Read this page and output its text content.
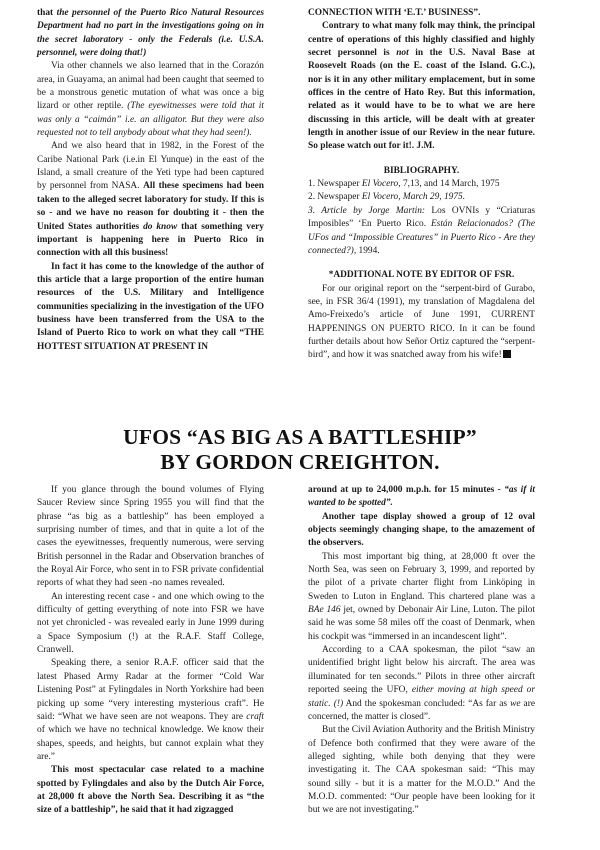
that the personnel of the Puerto Rico Natural Resources Department had no part in the investigations going on in the secret laboratory - only the Federals (i.e. U.S.A. personnel, were doing that!)

Via other channels we also learned that in the Corazón area, in Guayama, an animal had been caught that seemed to be a monstrous genetic mutation of what was once a big lizard or other reptile. (The eyewitnesses were told that it was only a “caimán” i.e. an alligator. But they were also requested not to tell anybody about what they had seen!).

And we also heard that in 1982, in the Forest of the Caribe National Park (i.e.in El Yunque) in the east of the Island, a small creature of the Yeti type had been captured by personnel from NASA. All these specimens had been taken to the alleged secret laboratory for study. If this is so - and we have no reason for doubting it - then the United States authorities do know that something very important is happening here in Puerto Rico in connection with all this business!

In fact it has come to the knowledge of the author of this article that a large proportion of the entire human resources of the U.S. Military and Intelligence communities specializing in the investigation of the UFO business have been transferred from the USA to the Island of Puerto Rico to work on what they call “THE HOTTEST SITUATION AT PRESENT IN

CONNECTION WITH ‘E.T.’ BUSINESS”.

Contrary to what many folk may think, the principal centre of operations of this highly classified and highly secret personnel is not in the U.S. Naval Base at Roosevelt Roads (on the E. coast of the Island. G.C.), nor is it in any other military emplacement, but in some offices in the centre of Hato Rey. But this information, related as it would have to be to what we are here discussing in this article, will be dealt with at greater length in another issue of our Review in the near future. So please watch out for it!. J.M.

BIBLIOGRAPHY.

1. Newspaper El Vocero, 7,13, and 14 March, 1975

2. Newspaper El Vocero, March 29, 1975.

3. Article by Jorge Martin: Los OVNIs y “Criaturas Imposibles” ‘En Puerto Rico. Están Relacionados? (The UFos and “Impossible Creatures” in Puerto Rico - Are they connected?), 1994.

*ADDITIONAL NOTE BY EDITOR OF FSR.

For our original report on the “serpent-bird of Gurabo, see, in FSR 36/4 (1991), my translation of Magdalena del Amo-Freixedo’s article of June 1991, CURRENT HAPPENINGS ON PUERTO RICO. In it can be found further details about how Señor Ortiz captured the “serpent-bird”, and how it was snatched away from his wife!

UFOS “AS BIG AS A BATTLESHIP”
BY GORDON CREIGHTON.

If you glance through the bound volumes of Flying Saucer Review since Spring 1955 you will find that the phrase “as big as a battleship” has been employed a surprising number of times, and that in quite a lot of the cases the eyewitnesses, frequently numerous, were serving British personnel in the Radar and Observation branches of the Royal Air Force, who sent in to FSR private confidential reports of what they had seen -no names revealed.

An interesting recent case - and one which owing to the difficulty of getting everything of note into FSR we have not yet chronicled - was revealed early in June 1999 during a Space Symposium (!) at the R.A.F. Staff College, Cranwell.

Speaking there, a senior R.A.F. officer said that the latest Phased Army Radar at the former “Cold War Listening Post” at Fylingdales in North Yorkshire had been picking up some “very interesting mysterious craft”. He said: “What we have seen are not weapons. They are craft of which we have no technical knowledge. We know their shapes, speeds, and heights, but cannot explain what they are.”

This most spectacular case related to a machine spotted by Fylingdales and also by the Dutch Air Force, at 28,000 ft above the North Sea. Describing it as “the size of a battleship”, he said that it had zigzagged

around at up to 24,000 m.p.h. for 15 minutes - “as if it wanted to be spotted”.

Another tape display showed a group of 12 oval objects seemingly changing shape, to the amazement of the observers.

This most important big thing, at 28,000 ft over the North Sea, was seen on February 3, 1999, and reported by the pilot of a private charter flight from Linköping in Sweden to Luton in England. This chartered plane was a BAe 146 jet, owned by Debonair Air Line, Luton. The pilot said he was some 58 miles off the coast of Denmark, when his cockpit was “immersed in an incandescent light”.

According to a CAA spokesman, the pilot “saw an unidentified bright light below his aircraft. The area was illuminated for ten seconds.” Pilots in three other aircraft reported seeing the UFO, either moving at high speed or static. (!) And the spokesman concluded: “As far as we are concerned, the matter is closed”.

But the Civil Aviation Authority and the British Ministry of Defence both confirmed that they were aware of the alleged sighting, while both denying that they were investigating it. The CAA spokesman said: “This may sound silly - but it is a matter for the M.O.D.” And the M.O.D. commented: “Our people have been looking for it but we are not investigating.”
